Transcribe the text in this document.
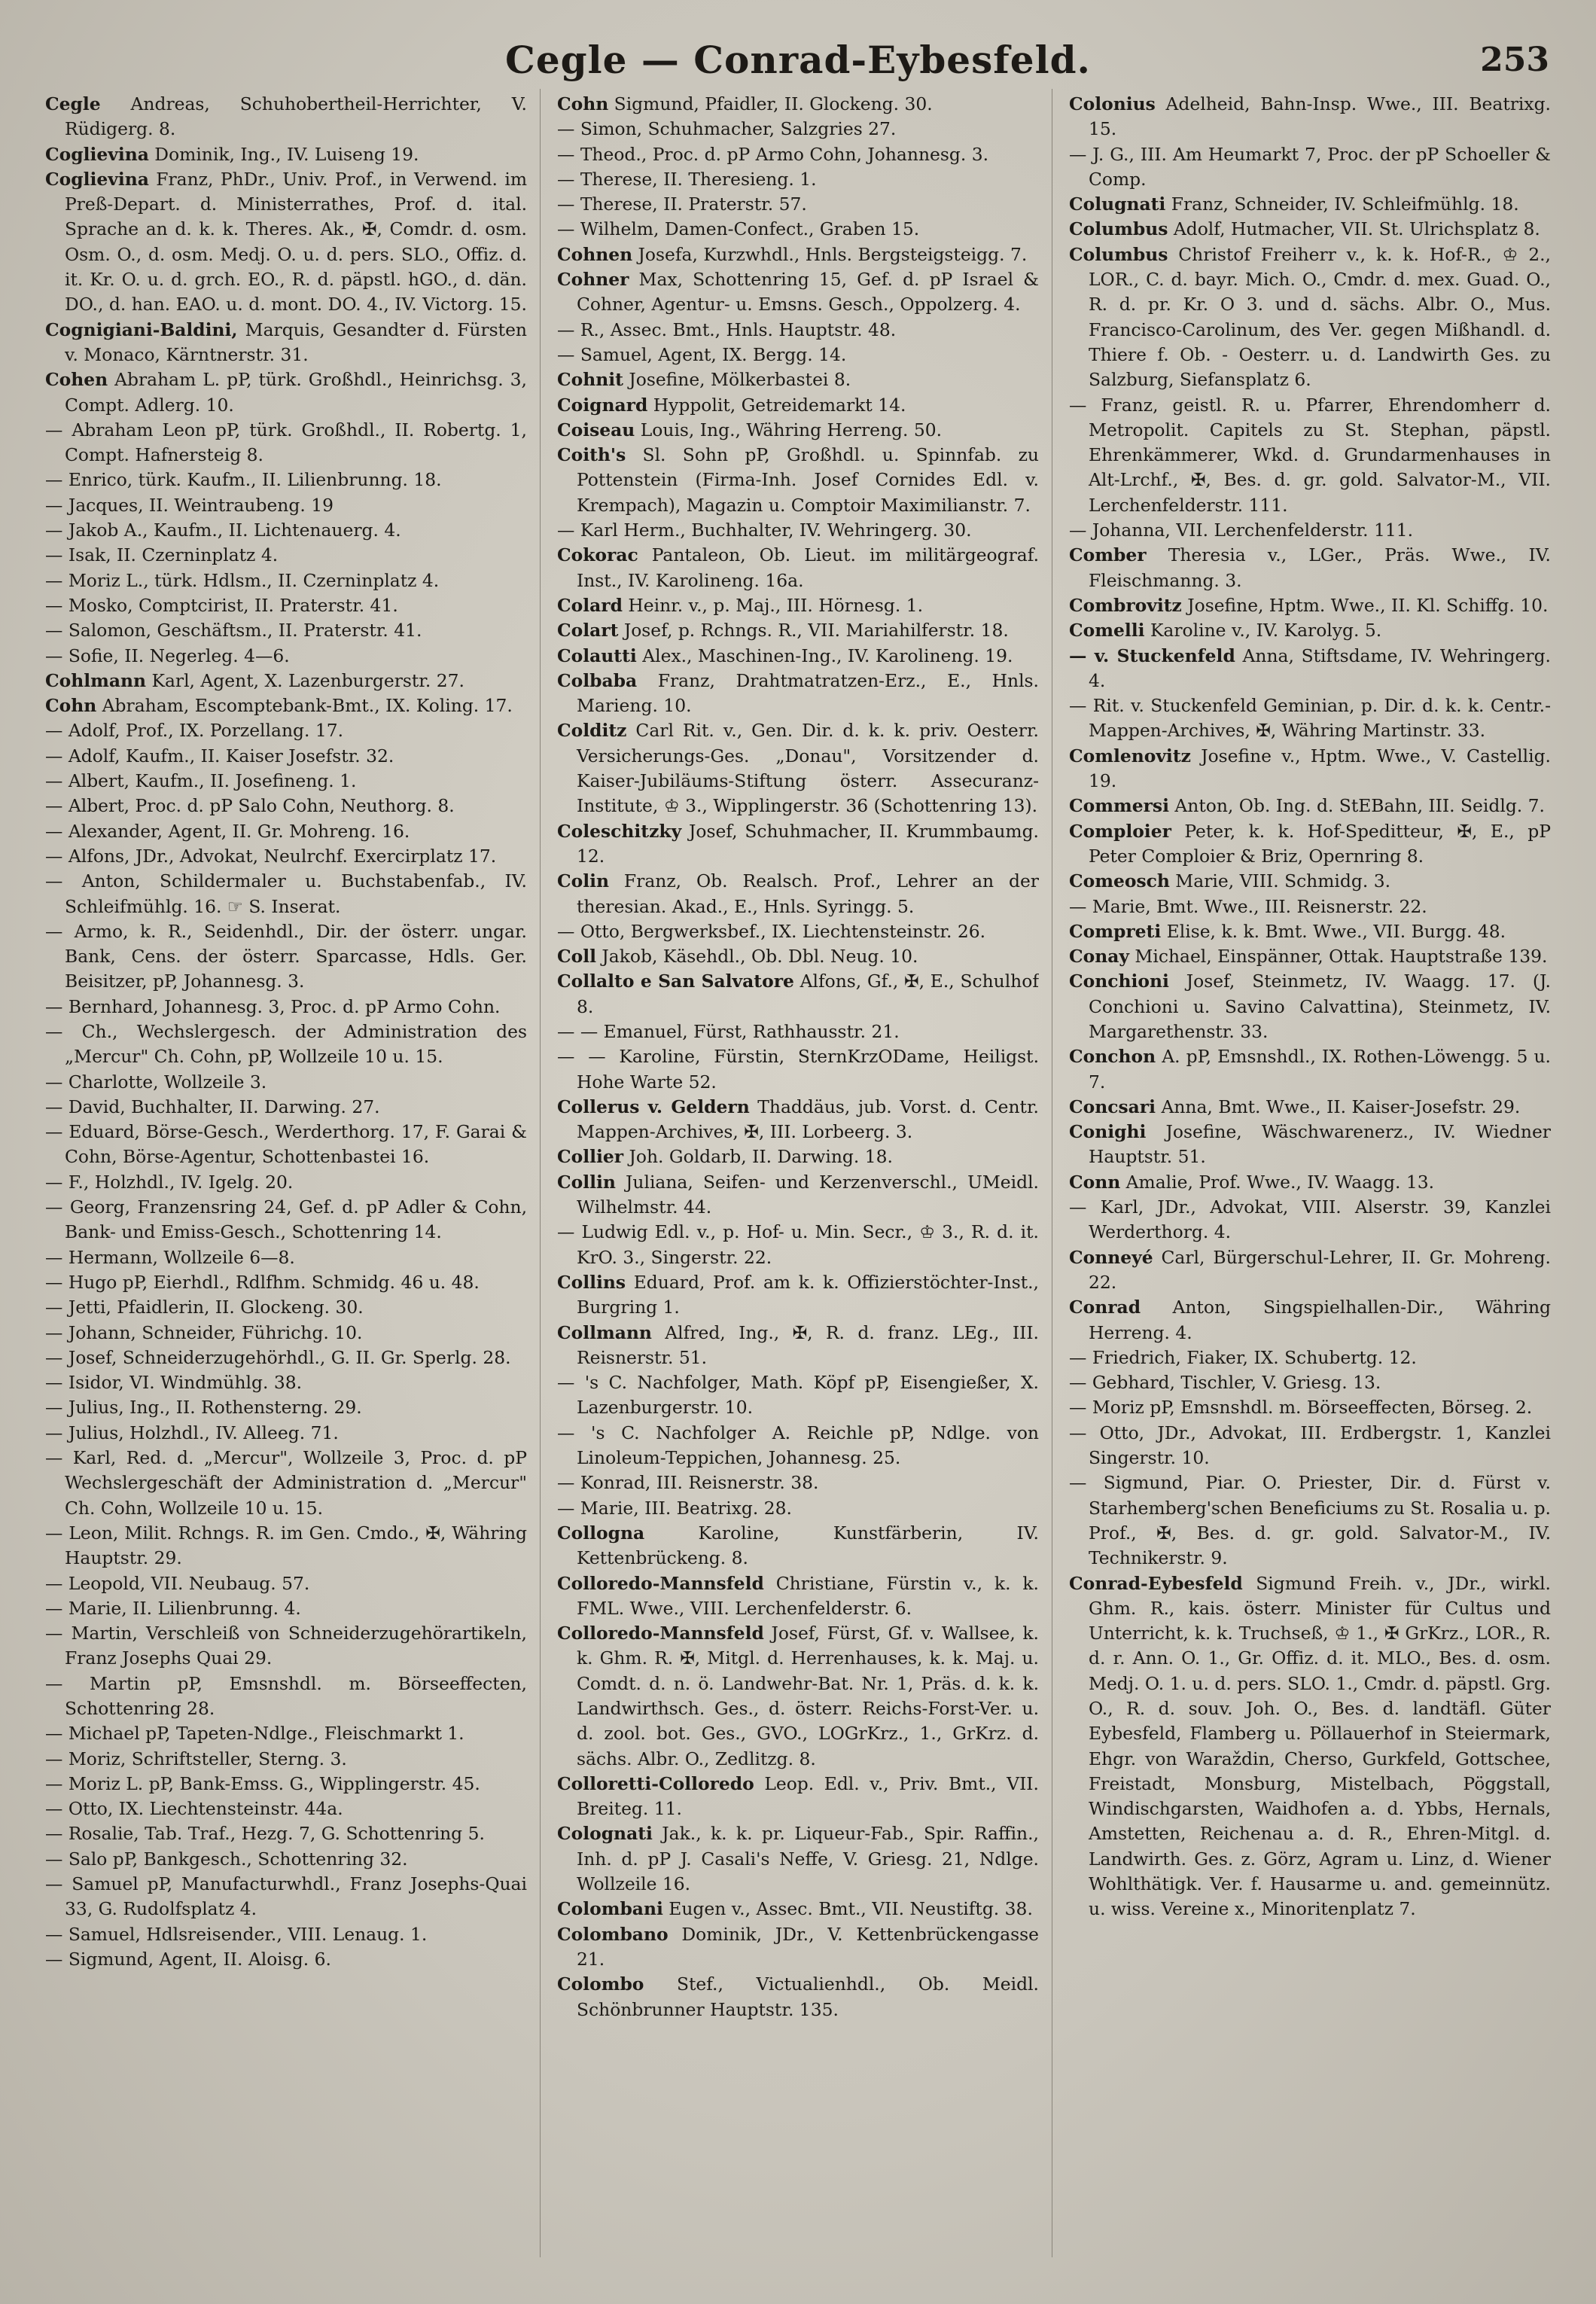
Cegle — Conrad-Eybesfeld.	253

Cegle Andreas, Schuhobertheil-Herrichter, V. Rüdigerg. 8.

Coglievina Dominik, Ing., IV. Luiseng 19.

Coglievina Franz, PhDr., Univ. Prof., in Verwend. im Preß-Depart. d. Ministerrathes, Prof. d. ital. Sprache an d. k. k. Theres. Ak., ✠, Comdr. d. osm. Osm. O., d. osm. Medj. O. u. d. pers. SLO., Offiz. d. it. Kr. O. u. d. grch. EO., R. d. päpstl. hGO., d. dän. DO., d. han. EAO. u. d. mont. DO. 4., IV. Victorg. 15.

Cognigiani-Baldini, Marquis, Gesandter d. Fürsten v. Monaco, Kärntnerstr. 31.

Cohen Abraham L. pP, türk. Großhdl., Heinrichsg. 3, Compt. Adlerg. 10.

— Abraham Leon pP, türk. Großhdl., II. Robertg. 1, Compt. Hafnersteig 8.

— Enrico, türk. Kaufm., II. Lilienbrunng. 18.

— Jacques, II. Weintraubeng. 19

— Jakob A., Kaufm., II. Lichtenauerg. 4.

— Isak, II. Czerninplatz 4.

— Moriz L., türk. Hdlsm., II. Czerninplatz 4.

— Mosko, Comptcirist, II. Praterstr. 41.

— Salomon, Geschäftsm., II. Praterstr. 41.

— Sofie, II. Negerleg. 4—6.

Cohlmann Karl, Agent, X. Lazenburgerstr. 27.

Cohn Abraham, Escomptebank-Bmt., IX. Koling. 17.

— Adolf, Prof., IX. Porzellang. 17.

— Adolf, Kaufm., II. Kaiser Josefstr. 32.

— Albert, Kaufm., II. Josefineng. 1.

— Albert, Proc. d. pP Salo Cohn, Neuthorg. 8.

— Alexander, Agent, II. Gr. Mohreng. 16.

— Alfons, JDr., Advokat, Neulrchf. Exercirplatz 17.

— Anton, Schildermaler u. Buchstabenfab., IV. Schleifmühlg. 16. ☞ S. Inserat.

— Armo, k. R., Seidenhdl., Dir. der österr. ungar. Bank, Cens. der österr. Sparcasse, Hdls. Ger. Beisitzer, pP, Johannesg. 3.

— Bernhard, Johannesg. 3, Proc. d. pP Armo Cohn.

— Ch., Wechslergesch. der Administration des „Mercur" Ch. Cohn, pP, Wollzeile 10 u. 15.

— Charlotte, Wollzeile 3.

— David, Buchhalter, II. Darwing. 27.

— Eduard, Börse-Gesch., Werderthorg. 17, F. Garai & Cohn, Börse-Agentur, Schottenbastei 16.

— F., Holzhdl., IV. Igelg. 20.

— Georg, Franzensring 24, Gef. d. pP Adler & Cohn, Bank- und Emiss-Gesch., Schottenring 14.

— Hermann, Wollzeile 6—8.

— Hugo pP, Eierhdl., Rdlfhm. Schmidg. 46 u. 48.

— Jetti, Pfaidlerin, II. Glockeng. 30.

— Johann, Schneider, Führichg. 10.

— Josef, Schneiderzugehörhdl., G. II. Gr. Sperlg. 28.

— Isidor, VI. Windmühlg. 38.

— Julius, Ing., II. Rothensterng. 29.

— Julius, Holzhdl., IV. Alleeg. 71.

— Karl, Red. d. „Mercur", Wollzeile 3, Proc. d. pP Wechslergeschäft der Administration d. „Mercur" Ch. Cohn, Wollzeile 10 u. 15.

— Leon, Milit. Rchngs. R. im Gen. Cmdo., ✠, Währing Hauptstr. 29.

— Leopold, VII. Neubaug. 57.

— Marie, II. Lilienbrunng. 4.

— Martin, Verschleiß von Schneiderzugehörartikeln, Franz Josephs Quai 29.

— Martin pP, Emsnshdl. m. Börseeffecten, Schottenring 28.

— Michael pP, Tapeten-Ndlge., Fleischmarkt 1.

— Moriz, Schriftsteller, Sterng. 3.

— Moriz L. pP, Bank-Emss. G., Wipplingerstr. 45.

— Otto, IX. Liechtensteinstr. 44a.

— Rosalie, Tab. Traf., Hezg. 7, G. Schottenring 5.

— Salo pP, Bankgesch., Schottenring 32.

— Samuel pP, Manufacturwhdl., Franz Josephs-Quai 33, G. Rudolfsplatz 4.

— Samuel, Hdlsreisender., VIII. Lenaug. 1.

— Sigmund, Agent, II. Aloisg. 6.

Cohn Sigmund, Pfaidler, II. Glockeng. 30.

— Simon, Schuhmacher, Salzgries 27.

— Theod., Proc. d. pP Armo Cohn, Johannesg. 3.

— Therese, II. Theresieng. 1.

— Therese, II. Praterstr. 57.

— Wilhelm, Damen-Confect., Graben 15.

Cohnen Josefa, Kurzwhdl., Hnls. Bergsteigsteigg. 7.

Cohner Max, Schottenring 15, Gef. d. pP Israel & Cohner, Agentur- u. Emsns. Gesch., Oppolzerg. 4.

— R., Assec. Bmt., Hnls. Hauptstr. 48.

— Samuel, Agent, IX. Bergg. 14.

Cohnit Josefine, Mölkerbastei 8.

Coignard Hyppolit, Getreidemarkt 14.

Coiseau Louis, Ing., Währing Herreng. 50.

Coith's Sl. Sohn pP, Großhdl. u. Spinnfab. zu Pottenstein (Firma-Inh. Josef Cornides Edl. v. Krempach), Magazin u. Comptoir Maximilianstr. 7.

— Karl Herm., Buchhalter, IV. Wehringerg. 30.

Cokorac Pantaleon, Ob. Lieut. im militärgeograf. Inst., IV. Karolineng. 16a.

Colard Heinr. v., p. Maj., III. Hörnesg. 1.

Colart Josef, p. Rchngs. R., VII. Mariahilferstr. 18.

Colautti Alex., Maschinen-Ing., IV. Karolineng. 19.

Colbaba Franz, Drahtmatratzen-Erz., E., Hnls. Marieng. 10.

Colditz Carl Rit. v., Gen. Dir. d. k. k. priv. Oesterr. Versicherungs-Ges. „Donau", Vorsitzender d. Kaiser-Jubiläums-Stiftung österr. Assecuranz-Institute, ♔ 3., Wipplingerstr. 36 (Schottenring 13).

Coleschitzky Josef, Schuhmacher, II. Krummbaumg. 12.

Colin Franz, Ob. Realsch. Prof., Lehrer an der theresian. Akad., E., Hnls. Syringg. 5.

— Otto, Bergwerksbef., IX. Liechtensteinstr. 26.

Coll Jakob, Käsehdl., Ob. Dbl. Neug. 10.

Collalto e San Salvatore Alfons, Gf., ✠, E., Schulhof 8.

— — Emanuel, Fürst, Rathhausstr. 21.

— — Karoline, Fürstin, SternKrzODame, Heiligst. Hohe Warte 52.

Collerus v. Geldern Thaddäus, jub. Vorst. d. Centr. Mappen-Archives, ✠, III. Lorbeerg. 3.

Collier Joh. Goldarb, II. Darwing. 18.

Collin Juliana, Seifen- und Kerzenverschl., UMeidl. Wilhelmstr. 44.

— Ludwig Edl. v., p. Hof- u. Min. Secr., ♔ 3., R. d. it. KrO. 3., Singerstr. 22.

Collins Eduard, Prof. am k. k. Offizierstöchter-Inst., Burgring 1.

Collmann Alfred, Ing., ✠, R. d. franz. LEg., III. Reisnerstr. 51.

— 's C. Nachfolger, Math. Köpf pP, Eisengießer, X. Lazenburgerstr. 10.

— 's C. Nachfolger A. Reichle pP, Ndlge. von Linoleum-Teppichen, Johannesg. 25.

— Konrad, III. Reisnerstr. 38.

— Marie, III. Beatrixg. 28.

Collogna Karoline, Kunstfärberin, IV. Kettenbrückeng. 8.

Colloredo-Mannsfeld Christiane, Fürstin v., k. k. FML. Wwe., VIII. Lerchenfelderstr. 6.

Colloredo-Mannsfeld Josef, Fürst, Gf. v. Wallsee, k. k. Ghm. R. ✠, Mitgl. d. Herrenhauses, k. k. Maj. u. Comdt. d. n. ö. Landwehr-Bat. Nr. 1, Präs. d. k. k. Landwirthsch. Ges., d. österr. Reichs-Forst-Ver. u. d. zool. bot. Ges., GVO., LOGrKrz., 1., GrKrz. d. sächs. Albr. O., Zedlitzg. 8.

Colloretti-Colloredo Leop. Edl. v., Priv. Bmt., VII. Breiteg. 11.

Colognati Jak., k. k. pr. Liqueur-Fab., Spir. Raffin., Inh. d. pP J. Casali's Neffe, V. Griesg. 21, Ndlge. Wollzeile 16.

Colombani Eugen v., Assec. Bmt., VII. Neustiftg. 38.

Colombano Dominik, JDr., V. Kettenbrückengasse 21.

Colombo Stef., Victualienhdl., Ob. Meidl. Schönbrunner Hauptstr. 135.

Colonius Adelheid, Bahn-Insp. Wwe., III. Beatrixg. 15.

— J. G., III. Am Heumarkt 7, Proc. der pP Schoeller & Comp.

Colugnati Franz, Schneider, IV. Schleifmühlg. 18.

Columbus Adolf, Hutmacher, VII. St. Ulrichsplatz 8.

Columbus Christof Freiherr v., k. k. Hof-R., ♔ 2., LOR., C. d. bayr. Mich. O., Cmdr. d. mex. Guad. O., R. d. pr. Kr. O 3. und d. sächs. Albr. O., Mus. Francisco-Carolinum, des Ver. gegen Mißhandl. d. Thiere f. Ob. - Oesterr. u. d. Landwirth Ges. zu Salzburg, Siefansplatz 6.

— Franz, geistl. R. u. Pfarrer, Ehrendomherr d. Metropolit. Capitels zu St. Stephan, päpstl. Ehrenkämmerer, Wkd. d. Grundarmenhauses in Alt-Lrchf., ✠, Bes. d. gr. gold. Salvator-M., VII. Lerchenfelderstr. 111.

— Johanna, VII. Lerchenfelderstr. 111.

Comber Theresia v., LGer., Präs. Wwe., IV. Fleischmanng. 3.

Combrovitz Josefine, Hptm. Wwe., II. Kl. Schiffg. 10.

Comelli Karoline v., IV. Karolyg. 5.

— v. Stuckenfeld Anna, Stiftsdame, IV. Wehringerg. 4.

— Rit. v. Stuckenfeld Geminian, p. Dir. d. k. k. Centr.-Mappen-Archives, ✠, Währing Martinstr. 33.

Comlenovitz Josefine v., Hptm. Wwe., V. Castellig. 19.

Commersi Anton, Ob. Ing. d. StEBahn, III. Seidlg. 7.

Comploier Peter, k. k. Hof-Speditteur, ✠, E., pP Peter Comploier & Briz, Opernring 8.

Comeosch Marie, VIII. Schmidg. 3.

— Marie, Bmt. Wwe., III. Reisnerstr. 22.

Compreti Elise, k. k. Bmt. Wwe., VII. Burgg. 48.

Conay Michael, Einspänner, Ottak. Hauptstraße 139.

Conchioni Josef, Steinmetz, IV. Waagg. 17. (J. Conchioni u. Savino Calvattina), Steinmetz, IV. Margarethenstr. 33.

Conchon A. pP, Emsnshdl., IX. Rothen-Löwengg. 5 u. 7.

Concsari Anna, Bmt. Wwe., II. Kaiser-Josefstr. 29.

Conighi Josefine, Wäschwarenerz., IV. Wiedner Hauptstr. 51.

Conn Amalie, Prof. Wwe., IV. Waagg. 13.

— Karl, JDr., Advokat, VIII. Alserstr. 39, Kanzlei Werderthorg. 4.

Conneyé Carl, Bürgerschul-Lehrer, II. Gr. Mohreng. 22.

Conrad Anton, Singspielhallen-Dir., Währing Herreng. 4.

— Friedrich, Fiaker, IX. Schubertg. 12.

— Gebhard, Tischler, V. Griesg. 13.

— Moriz pP, Emsnshdl. m. Börseeffecten, Börseg. 2.

— Otto, JDr., Advokat, III. Erdbergstr. 1, Kanzlei Singerstr. 10.

— Sigmund, Piar. O. Priester, Dir. d. Fürst v. Starhemberg'schen Beneficiums zu St. Rosalia u. p. Prof., ✠, Bes. d. gr. gold. Salvator-M., IV. Technikerstr. 9.

Conrad-Eybesfeld Sigmund Freih. v., JDr., wirkl. Ghm. R., kais. österr. Minister für Cultus und Unterricht, k. k. Truchseß, ♔ 1., ✠ GrKrz., LOR., R. d. r. Ann. O. 1., Gr. Offiz. d. it. MLO., Bes. d. osm. Medj. O. 1. u. d. pers. SLO. 1., Cmdr. d. päpstl. Grg. O., R. d. souv. Joh. O., Bes. d. landtäfl. Güter Eybesfeld, Flamberg u. Pöllauerhof in Steiermark, Ehgr. von Waraždin, Cherso, Gurkfeld, Gottschee, Freistadt, Monsburg, Mistelbach, Pöggstall, Windischgarsten, Waidhofen a. d. Ybbs, Hernals, Amstetten, Reichenau a. d. R., Ehren-Mitgl. d. Landwirth. Ges. z. Görz, Agram u. Linz, d. Wiener Wohlthätigk. Ver. f. Hausarme u. and. gemeinnütz. u. wiss. Vereine x., Minoritenplatz 7.
